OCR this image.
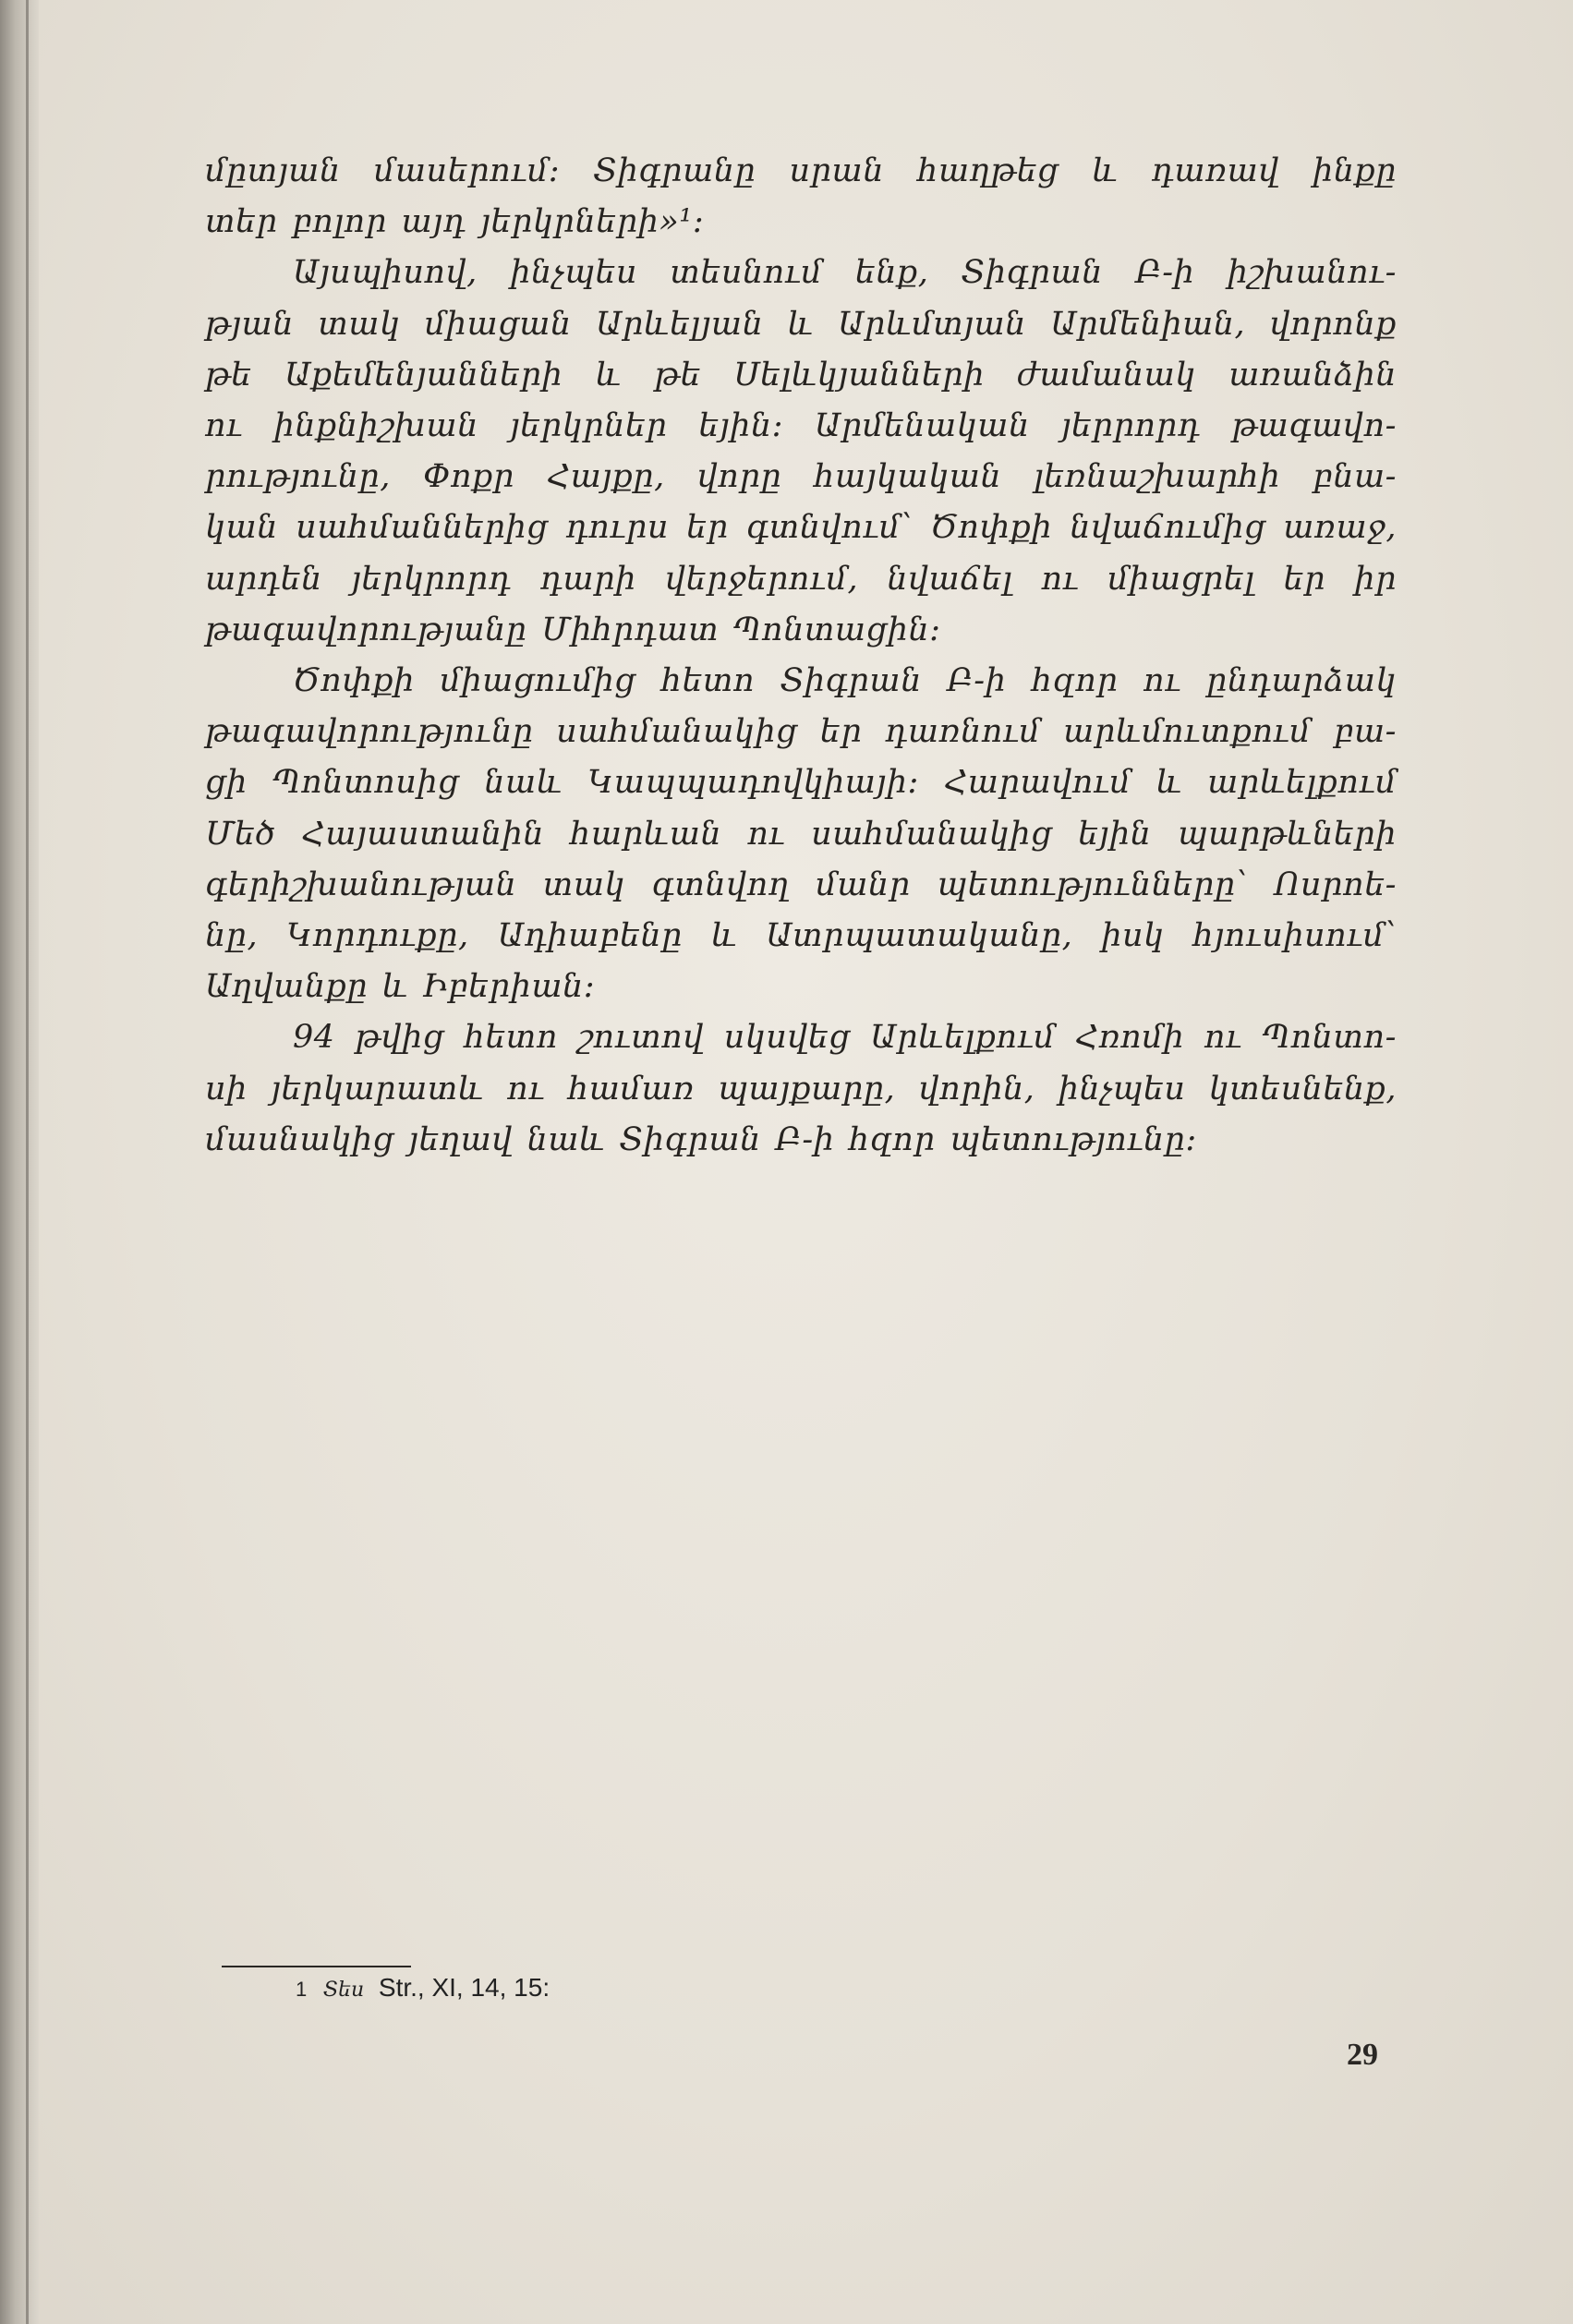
մըտյան մասերում։ Տիգրանը սրան հաղթեց և դառավ ինքը
տեր բոլոր այդ յերկրների»¹։
Այսպիսով, ինչպես տեսնում ենք, Տիգրան Բ-ի իշխանու-
թյան տակ միացան Արևելյան և Արևմտյան Արմենիան, վորոնք
թե Աքեմենյանների և թե Սելևկյանների ժամանակ առանձին
ու ինքնիշխան յերկրներ եյին։ Արմենական յերրորդ թագավո-
րությունը, Փոքր Հայքը, վորը հայկական լեռնաշխարհի բնա-
կան սահմաններից դուրս եր գտնվում՝ Ծոփքի նվաճումից առաջ,
արդեն յերկրորդ դարի վերջերում, նվաճել ու միացրել եր իր
թագավորությանը Միհրդատ Պոնտացին։
Ծոփքի միացումից հետո Տիգրան Բ-ի հզոր ու ընդարձակ
թագավորությունը սահմանակից եր դառնում արևմուտքում բա-
ցի Պոնտոսից նաև Կապպադովկիայի։ Հարավում և արևելքում
Մեծ Հայաստանին հարևան ու սահմանակից եյին պարթևների
գերիշխանության տակ գտնվող մանր պետությունները՝ Ոսրոե-
նը, Կորդուքը, Ադիաբենը և Ատրպատականը, իսկ հյուսիսում՝
Աղվանքը և Իբերիան։
94 թվից հետո շուտով սկսվեց Արևելքում Հռոմի ու Պոնտո-
սի յերկարատև ու համառ պայքարը, վորին, ինչպես կտեսնենք,
մասնակից յեղավ նաև Տիգրան Բ-ի հզոր պետությունը։
1 Տես Str., XI, 14, 15:
29
